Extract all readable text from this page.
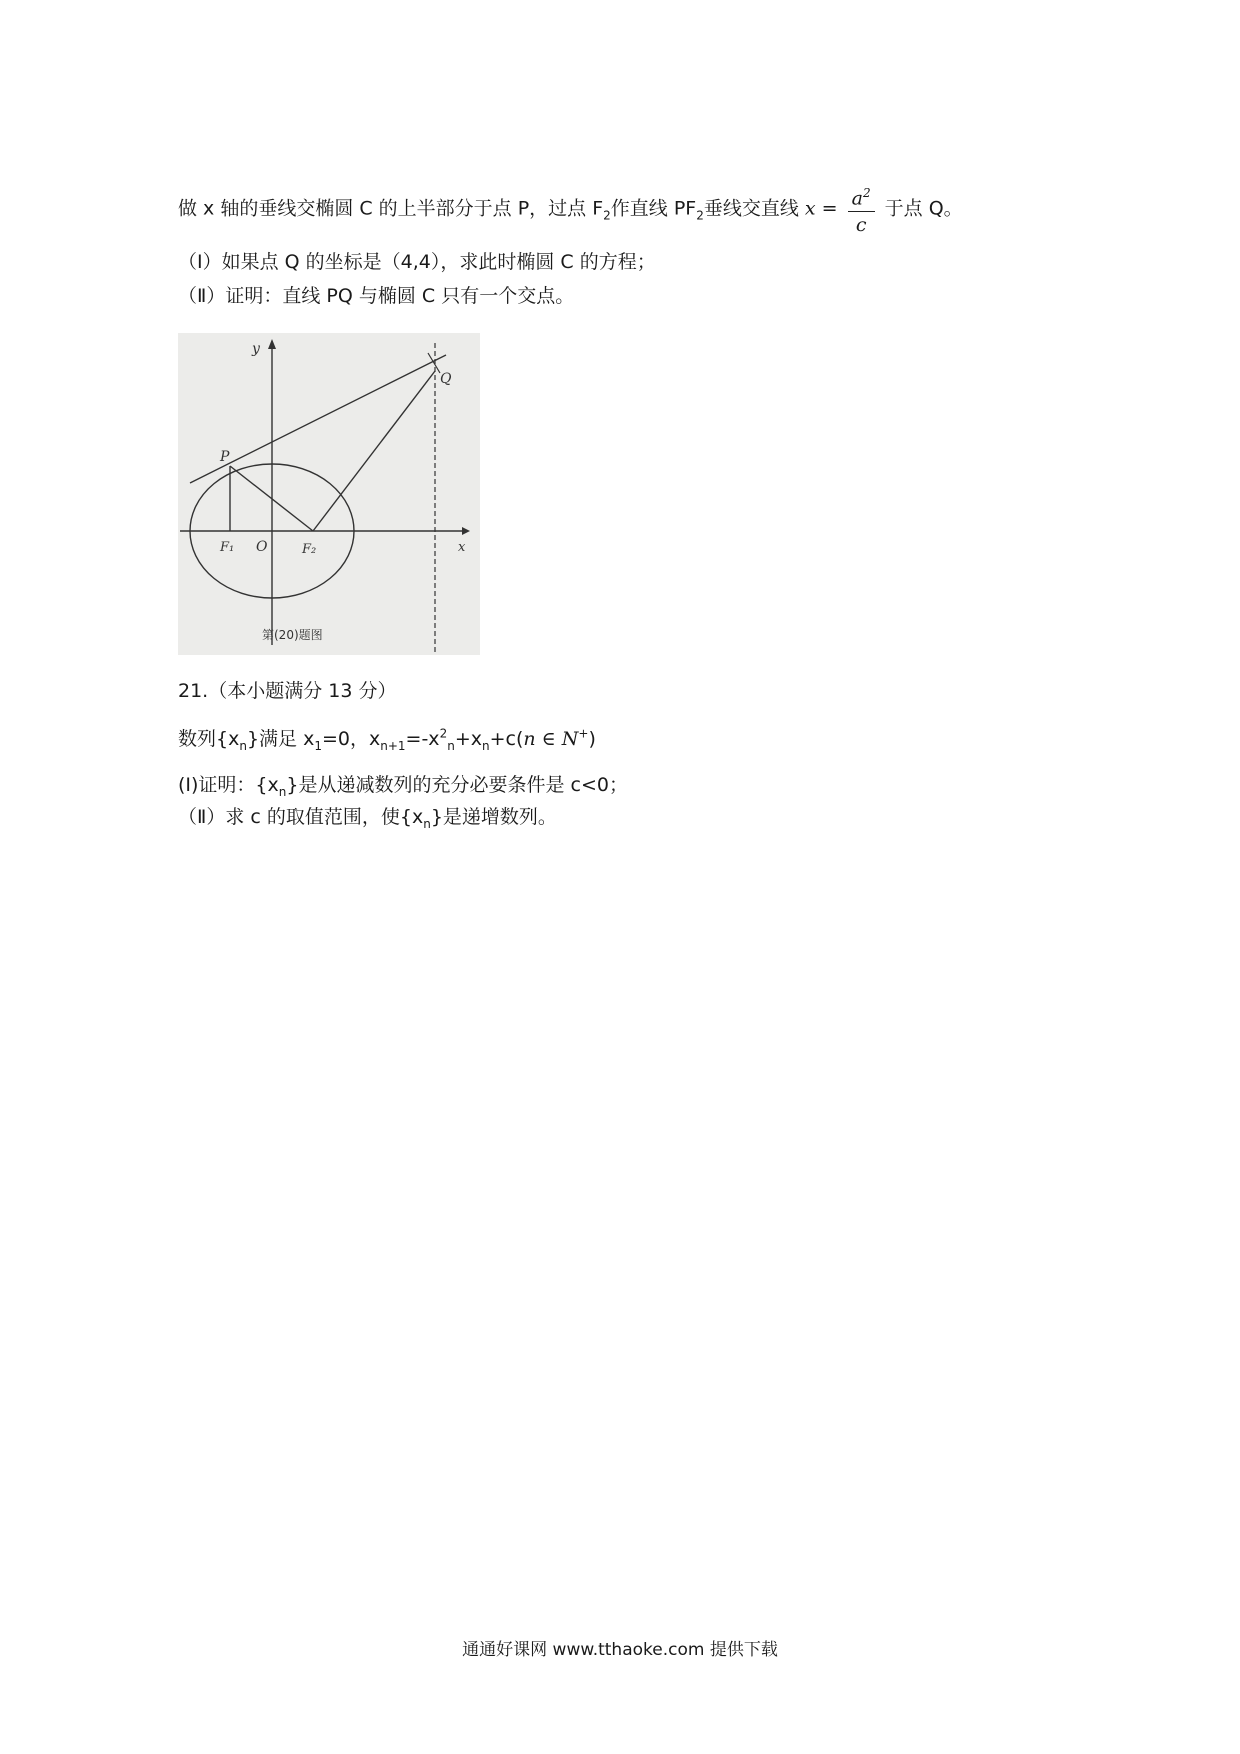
做 x 轴的垂线交椭圆 C 的上半部分于点 P，过点 $F_2$作直线 $PF_2$垂线交直线 $x = \frac{a^2}{c}$ 于点 Q。
（Ⅰ）如果点 Q 的坐标是（4,4），求此时椭圆 C 的方程；
（Ⅱ）证明：直线 PQ 与椭圆 C 只有一个交点。
y
x
P
Q
O
F₁	F₂
第(20)题图
21.（本小题满分 13 分）
数列$\{x_n\}$满足 $x_1=0$，$x_{n+1}=-x^2_n+x_n+c(n$ ∈ N+)
(Ⅰ)证明：$\{x_n\}$是从递减数列的充分必要条件是 c<0；
（Ⅱ）求 c 的取值范围，使$\{x_n\}$是递增数列。
通通好课网 www.tthaoke.com 提供下载
